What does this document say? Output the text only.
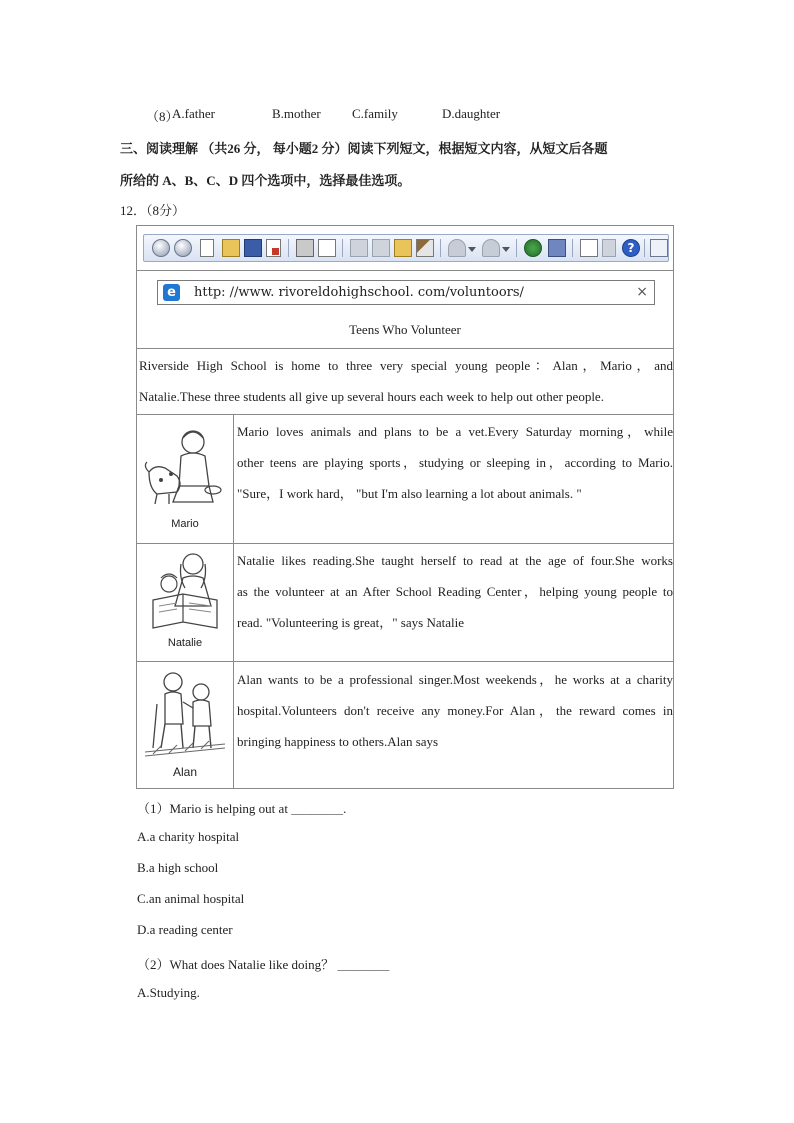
（8）
A.father	B.mother C.family	D.daughter
三、阅读理解 （共26 分， 每小题2 分）阅读下列短文，根据短文内容，从短文后各题
所给的 A、B、C、D 四个选项中，选择最佳选项。
12．（8分）
?
e	http: //www. rivoreldohighschool. com/voluntoors/	×
Teens Who Volunteer
Riverside High School is home to three very special young people：Alan，Mario，and
Natalie.These three students all give up several hours each week to help out other people.
Mario
Mario loves animals and plans to be a vet.Every Saturday morning，while
other teens are playing sports，studying or sleeping in，according to Mario.
"Sure，I work hard， "but I'm also learning a lot about animals. "
Natalie
Natalie likes reading.She taught herself to read at the age of four.She works
as the volunteer at an After School Reading Center，helping young people to
read. "Volunteering is great，" says Natalie
Alan
Alan wants to be a professional singer.Most weekends，he works at a charity
hospital.Volunteers don't receive any money.For Alan，the reward comes in
bringing happiness to others.Alan says
（1）Mario is helping out at ＿＿＿＿.
A.a charity hospital
B.a high school
C.an animal hospital
D.a reading center
（2）What does Natalie like doing？ ＿＿＿＿
A.Studying.
